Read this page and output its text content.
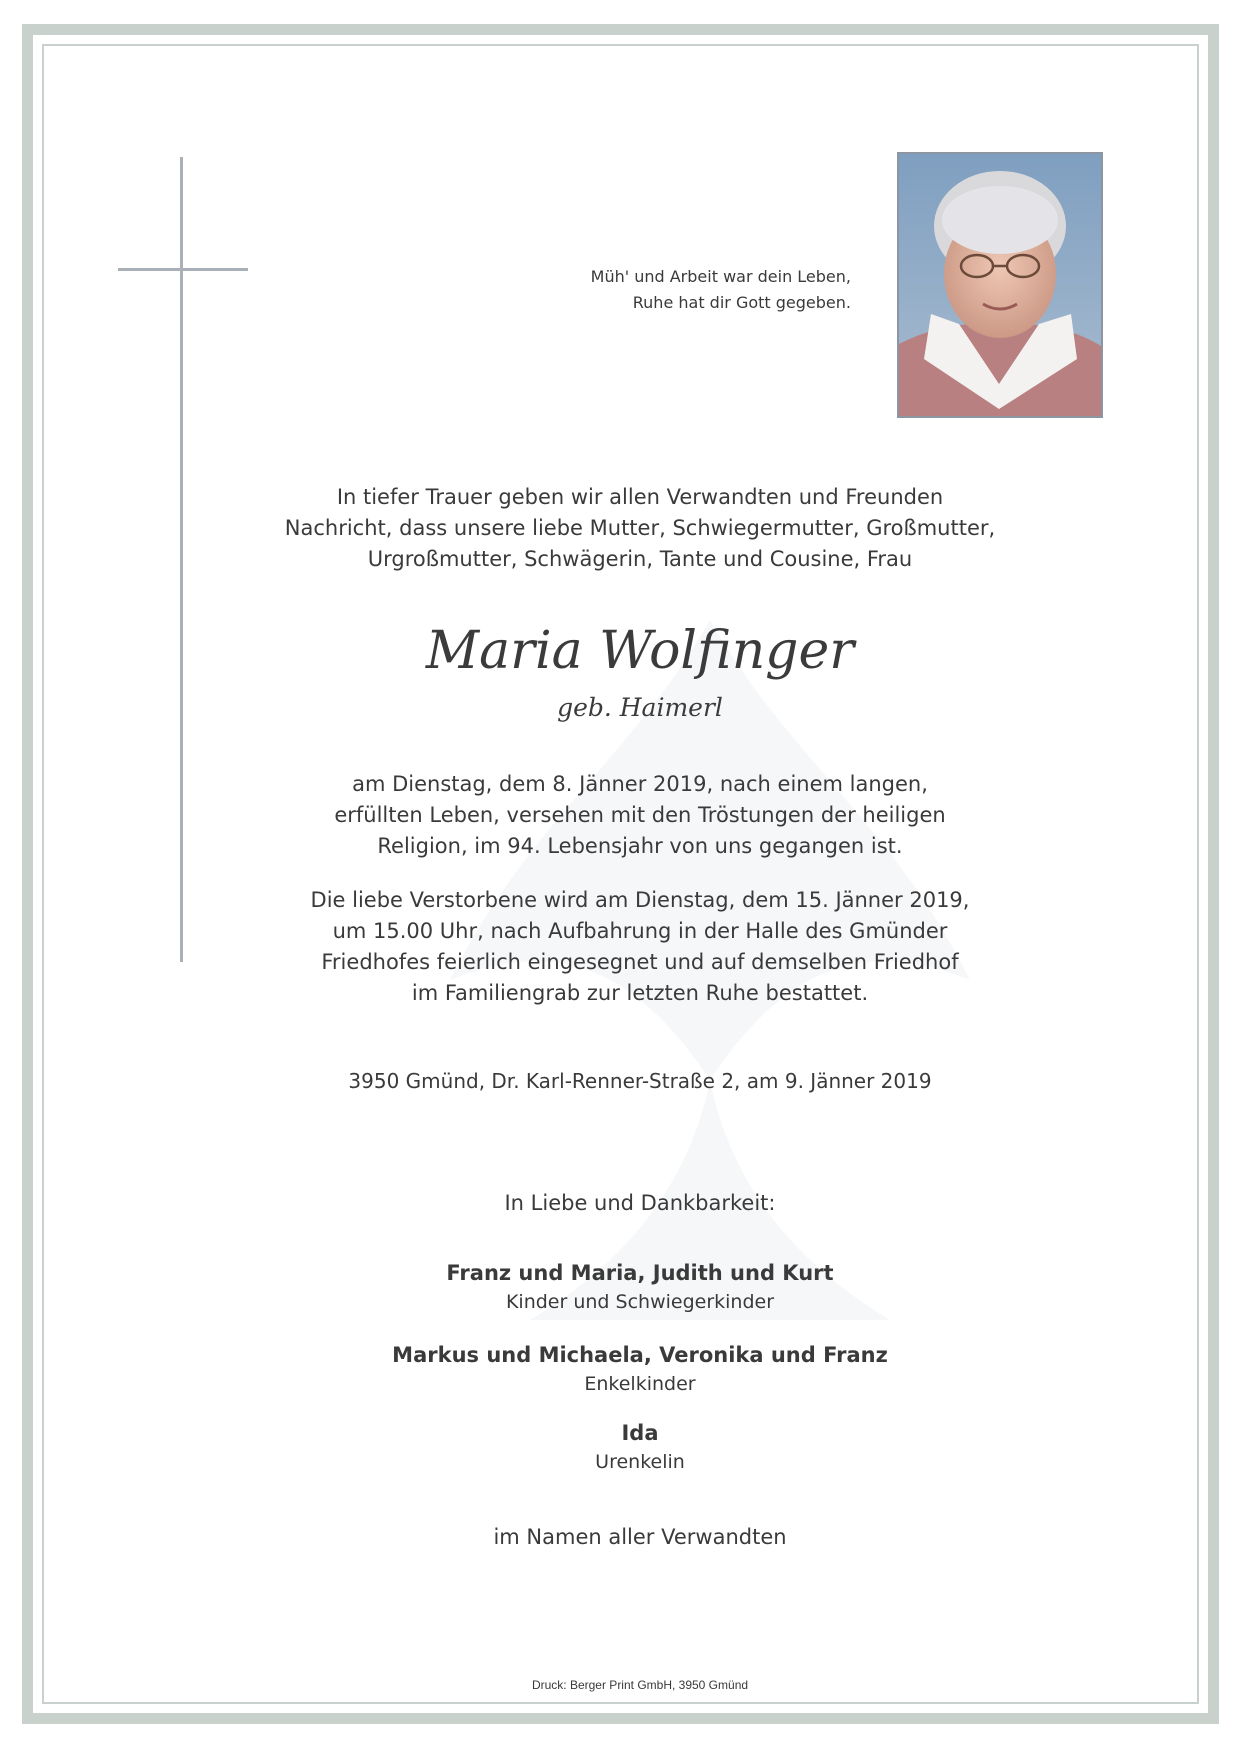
Müh' und Arbeit war dein Leben,
Ruhe hat dir Gott gegeben.
In tiefer Trauer geben wir allen Verwandten und Freunden
Nachricht, dass unsere liebe Mutter, Schwiegermutter, Großmutter,
Urgroßmutter, Schwägerin, Tante und Cousine, Frau
Maria Wolfinger
geb. Haimerl
am Dienstag, dem 8. Jänner 2019, nach einem langen,
erfüllten Leben, versehen mit den Tröstungen der heiligen
Religion, im 94. Lebensjahr von uns gegangen ist.
Die liebe Verstorbene wird am Dienstag, dem 15. Jänner 2019,
um 15.00 Uhr, nach Aufbahrung in der Halle des Gmünder
Friedhofes feierlich eingesegnet und auf demselben Friedhof
im Familiengrab zur letzten Ruhe bestattet.
3950 Gmünd, Dr. Karl-Renner-Straße 2, am 9. Jänner 2019
In Liebe und Dankbarkeit:
Franz und Maria, Judith und Kurt
Kinder und Schwiegerkinder
Markus und Michaela, Veronika und Franz
Enkelkinder
Ida
Urenkelin
im Namen aller Verwandten
Druck: Berger Print GmbH, 3950 Gmünd
